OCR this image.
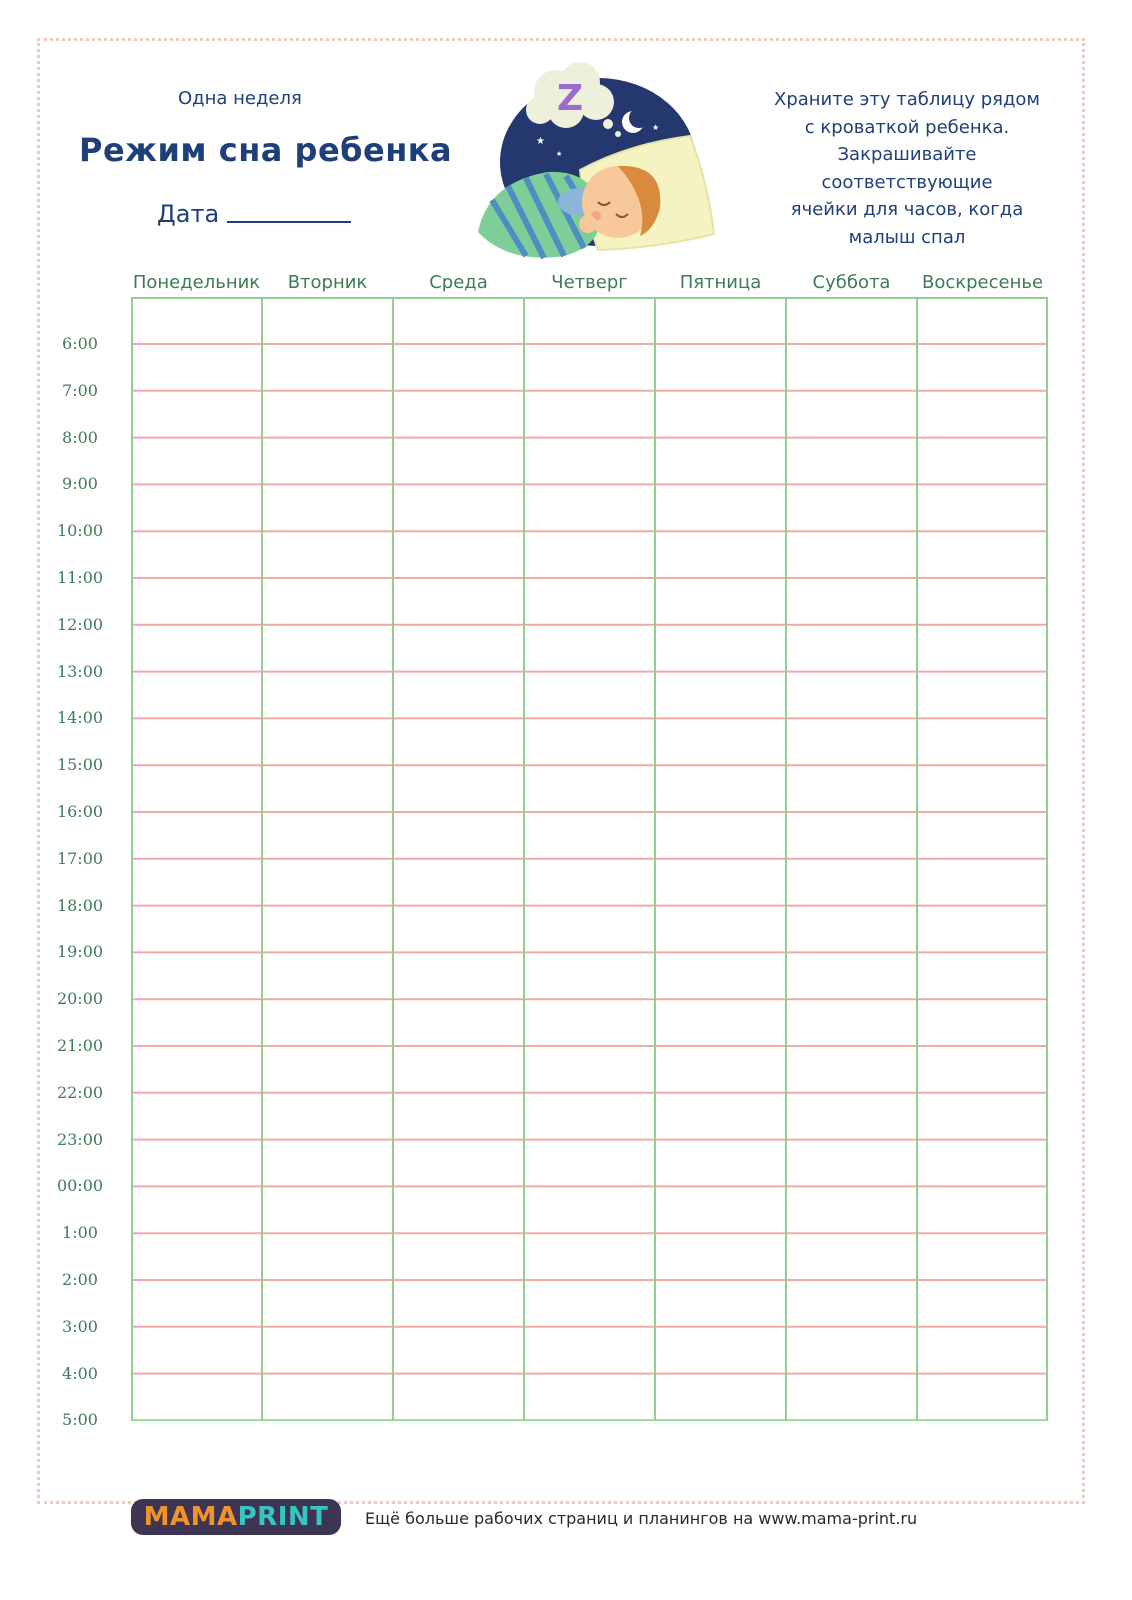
Одна неделя
Режим сна ребенка
Дата
Храните эту таблицу рядом
с кроваткой ребенка.
Закрашивайте соответствующие
ячейки для часов, когда
малыш спал
★
★
★
Z
Понедельник	Вторник	Среда	Четверг	Пятница	Суббота	Воскресенье
6:00
7:00
8:00
9:00
10:00
11:00
12:00
13:00
14:00
15:00
16:00
17:00
18:00
19:00
20:00
21:00
22:00
23:00
00:00
1:00
2:00
3:00
4:00
5:00
MAMA PRINT Ещё больше рабочих страниц и планингов на www.mama-print.ru
